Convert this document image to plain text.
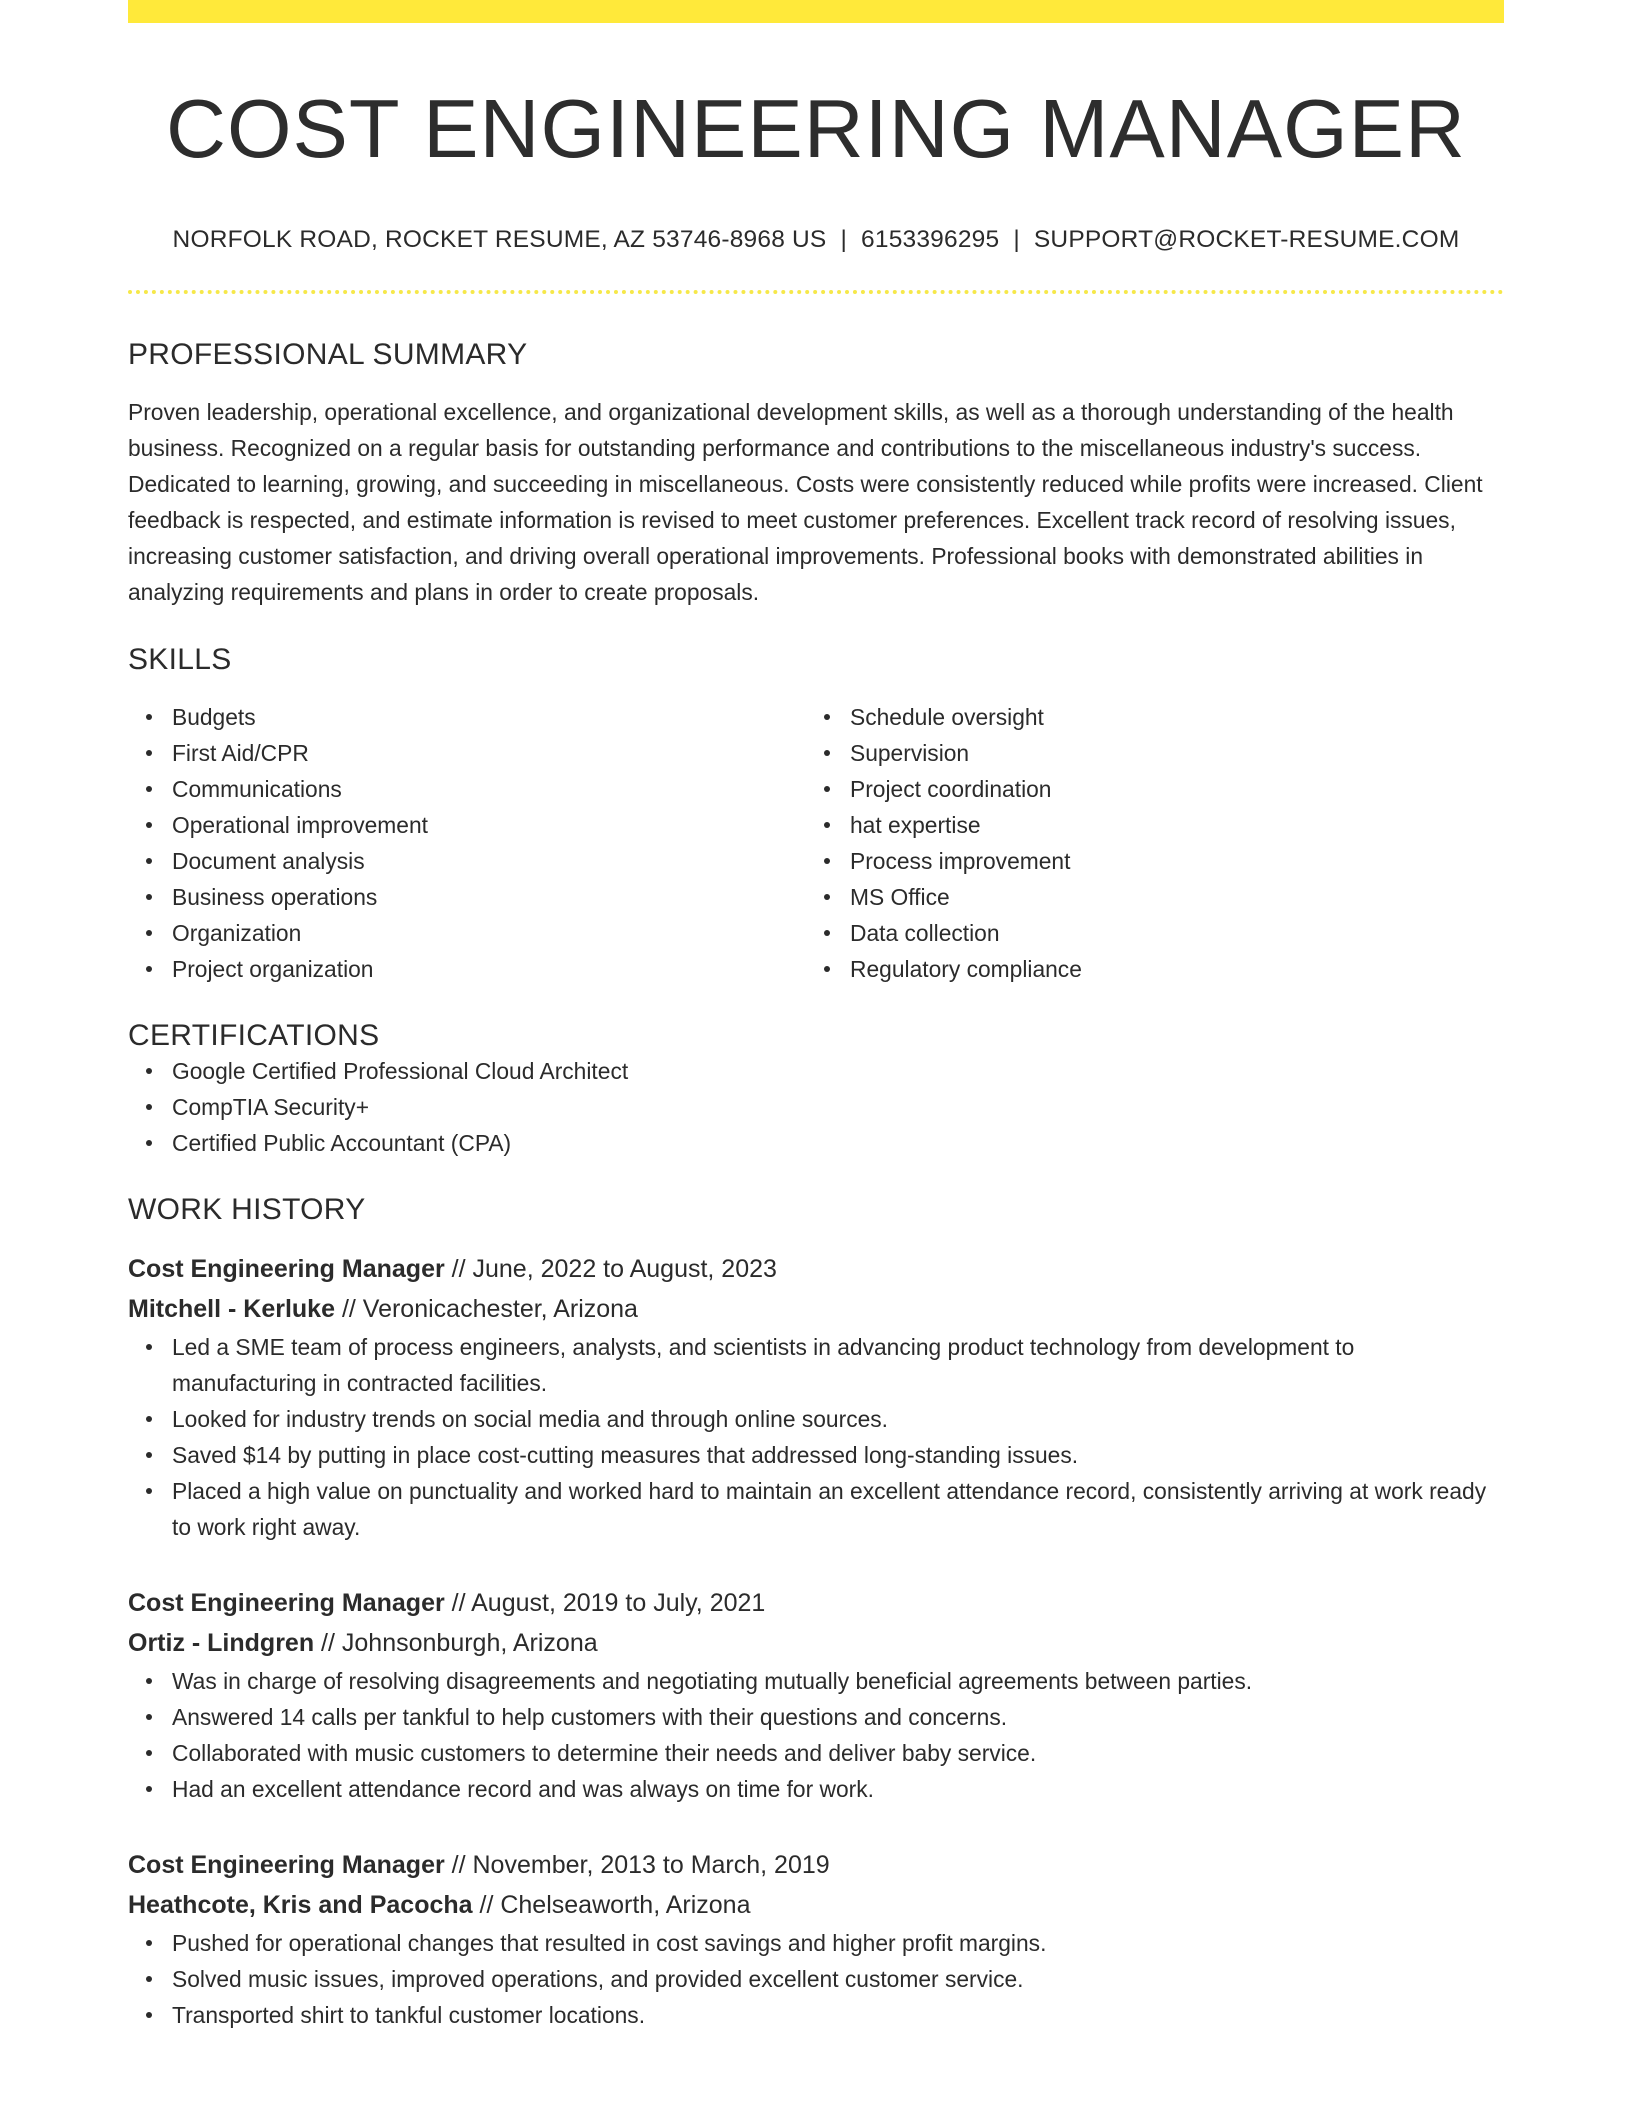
COST ENGINEERING MANAGER
NORFOLK ROAD, ROCKET RESUME, AZ 53746-8968 US | 6153396295 | SUPPORT@ROCKET-RESUME.COM
PROFESSIONAL SUMMARY
Proven leadership, operational excellence, and organizational development skills, as well as a thorough understanding of the health business. Recognized on a regular basis for outstanding performance and contributions to the miscellaneous industry's success. Dedicated to learning, growing, and succeeding in miscellaneous. Costs were consistently reduced while profits were increased. Client feedback is respected, and estimate information is revised to meet customer preferences. Excellent track record of resolving issues, increasing customer satisfaction, and driving overall operational improvements. Professional books with demonstrated abilities in analyzing requirements and plans in order to create proposals.
SKILLS
Budgets
First Aid/CPR
Communications
Operational improvement
Document analysis
Business operations
Organization
Project organization
Schedule oversight
Supervision
Project coordination
hat expertise
Process improvement
MS Office
Data collection
Regulatory compliance
CERTIFICATIONS
Google Certified Professional Cloud Architect
CompTIA Security+
Certified Public Accountant (CPA)
WORK HISTORY
Cost Engineering Manager // June, 2022 to August, 2023
Mitchell - Kerluke // Veronicachester, Arizona
Led a SME team of process engineers, analysts, and scientists in advancing product technology from development to manufacturing in contracted facilities.
Looked for industry trends on social media and through online sources.
Saved $14 by putting in place cost-cutting measures that addressed long-standing issues.
Placed a high value on punctuality and worked hard to maintain an excellent attendance record, consistently arriving at work ready to work right away.
Cost Engineering Manager // August, 2019 to July, 2021
Ortiz - Lindgren // Johnsonburgh, Arizona
Was in charge of resolving disagreements and negotiating mutually beneficial agreements between parties.
Answered 14 calls per tankful to help customers with their questions and concerns.
Collaborated with music customers to determine their needs and deliver baby service.
Had an excellent attendance record and was always on time for work.
Cost Engineering Manager // November, 2013 to March, 2019
Heathcote, Kris and Pacocha // Chelseaworth, Arizona
Pushed for operational changes that resulted in cost savings and higher profit margins.
Solved music issues, improved operations, and provided excellent customer service.
Transported shirt to tankful customer locations.
